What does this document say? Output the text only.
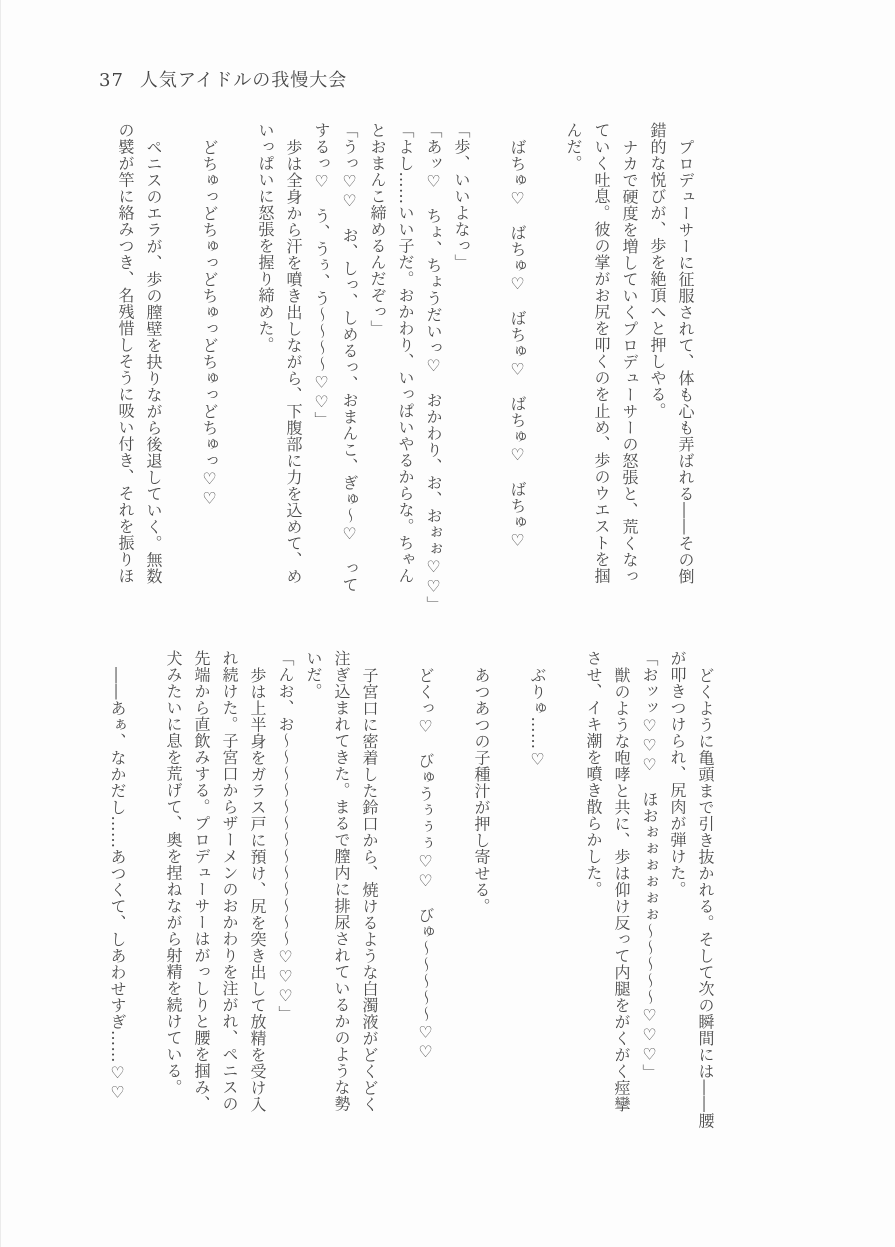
37 人気アイドルの我慢大会

プロデューサーに征服されて、体も心も弄ばれる――その倒

錯的な悦びが、歩を絶頂へと押しやる。

ナカで硬度を増していくプロデューサーの怒張と、荒くなっ

ていく吐息。彼の掌がお尻を叩くのを止め、歩のウエストを掴

んだ。

ばちゅ♡　ばちゅ♡　ばちゅ♡　ばちゅ♡　ばちゅ♡

「歩、いいよなっ」

「あッ♡　ちょ、ちょうだいっ♡　おかわり、お、おぉぉ♡♡」

「よし……いい子だ。おかわり、いっぱいやるからな。ちゃん

とおまんこ締めるんだぞっ」

「うっ♡♡　お、しっ、しめるっ、おまんこ、ぎゅ〜♡　って

するっ♡　う、うぅ、う〜〜〜〜♡♡」

歩は全身から汗を噴き出しながら、下腹部に力を込めて、め

いっぱいに怒張を握り締めた。

どちゅっどちゅっどちゅっどちゅっどちゅっ♡♡

ペニスのエラが、歩の膣壁を抉りながら後退していく。無数

の襞が竿に絡みつき、名残惜しそうに吸い付き、それを振りほ

どくように亀頭まで引き抜かれる。そして次の瞬間には――腰

が叩きつけられ、尻肉が弾けた。

「おッッ♡♡♡　ほおぉぉぉぉぉぉ〜〜〜〜〜♡♡♡」

獣のような咆哮と共に、歩は仰け反って内腿をがくがく痙攣

させ、イキ潮を噴き散らかした。

ぶりゅ……♡

あつあつの子種汁が押し寄せる。

どくっ♡　びゅうぅぅぅ♡♡　びゅ〜〜〜〜〜♡♡

子宮口に密着した鈴口から、焼けるような白濁液がどくどく

注ぎ込まれてきた。まるで膣内に排尿されているかのような勢

いだ。

「んお、お〜〜〜〜〜〜〜〜〜〜〜〜〜♡♡♡」

歩は上半身をガラス戸に預け、尻を突き出して放精を受け入

れ続けた。子宮口からザーメンのおかわりを注がれ、ペニスの

先端から直飲みする。プロデューサーはがっしりと腰を掴み、

犬みたいに息を荒げて、奥を捏ねながら射精を続けている。

――あぁ、なかだし……あつくて、しあわせすぎ……♡♡
